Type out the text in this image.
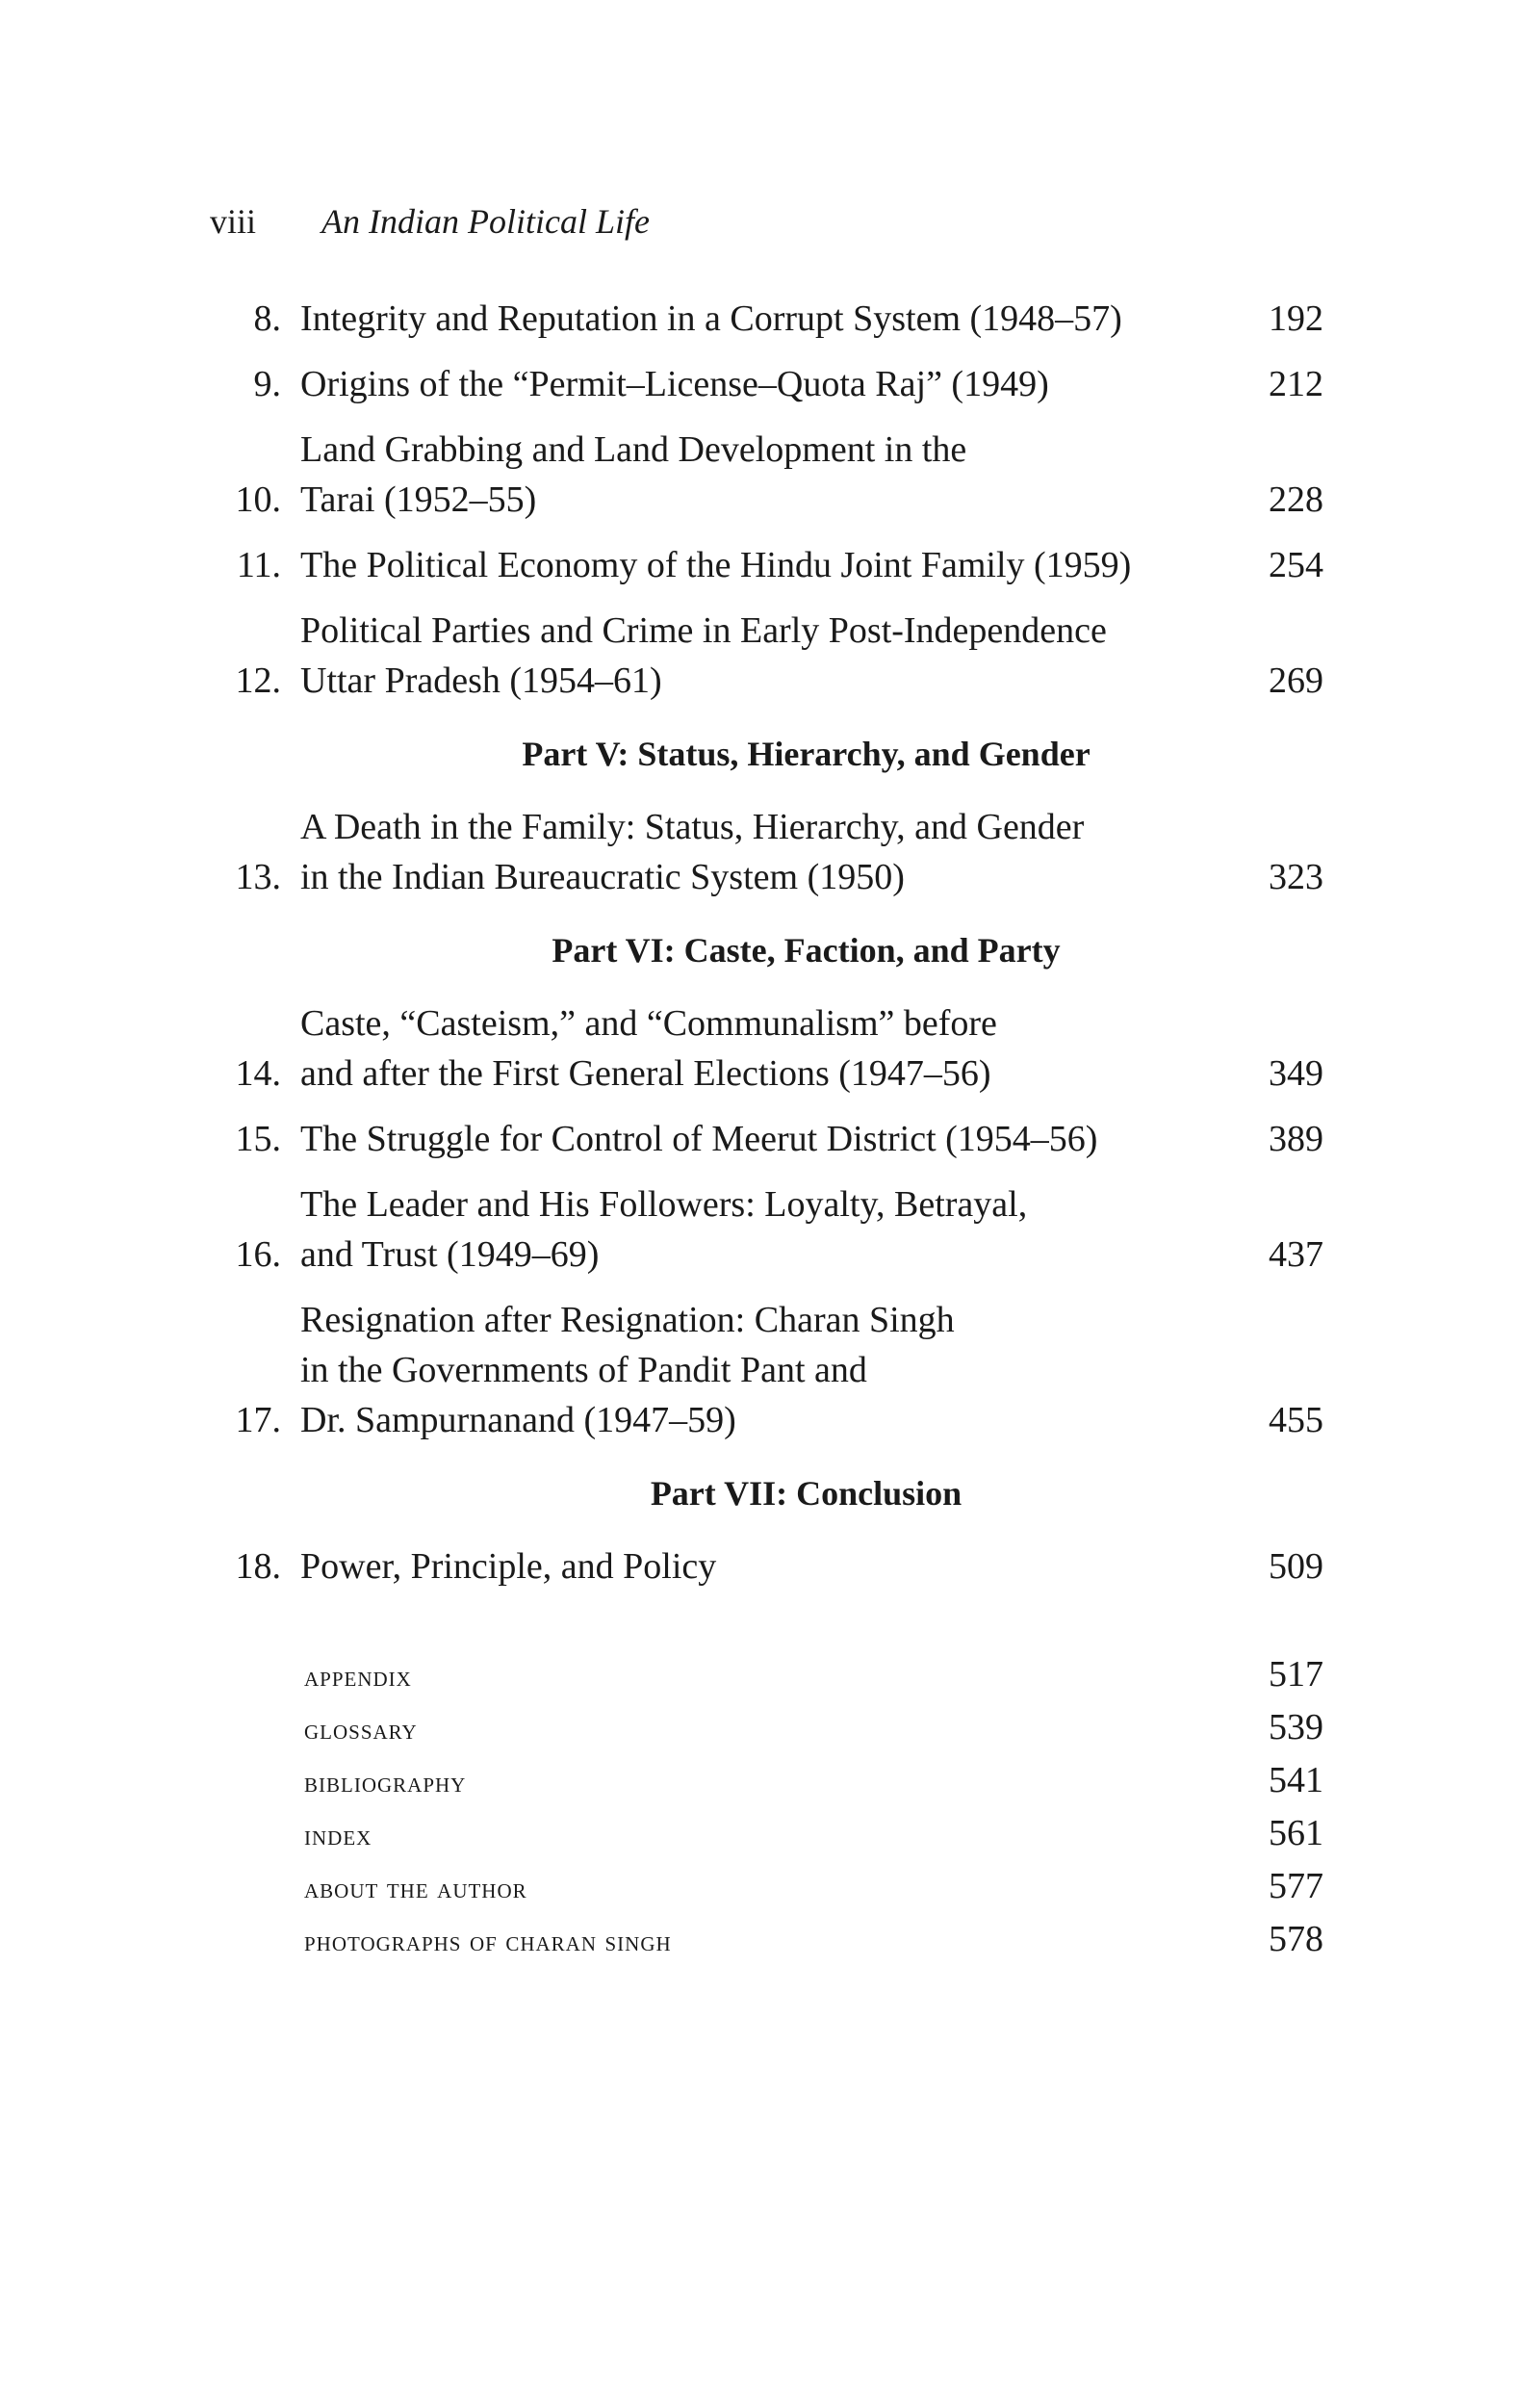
viii An Indian Political Life
8. Integrity and Reputation in a Corrupt System (1948–57)	192
9. Origins of the “Permit–License–Quota Raj” (1949)	212
10.
Land Grabbing and Land Development in the
Tarai (1952–55)	228
11. The Political Economy of the Hindu Joint Family (1959)	254
12.
Political Parties and Crime in Early Post-Independence
Uttar Pradesh (1954–61)	269
Part V: Status, Hierarchy, and Gender
13.
A Death in the Family: Status, Hierarchy, and Gender
in the Indian Bureaucratic System (1950)	323
Part VI: Caste, Faction, and Party
14.
Caste, “Casteism,” and “Communalism” before
and after the First General Elections (1947–56)	349
15. The Struggle for Control of Meerut District (1954–56)	389
16.
The Leader and His Followers: Loyalty, Betrayal,
and Trust (1949–69)	437
17.
Resignation after Resignation: Charan Singh
in the Governments of Pandit Pant and
Dr. Sampurnanand (1947–59)	455
Part VII: Conclusion
18. Power, Principle, and Policy	509
appendix	517
glossary	539
bibliography	541
index	561
about the author	577
photographs of charan singh	578
